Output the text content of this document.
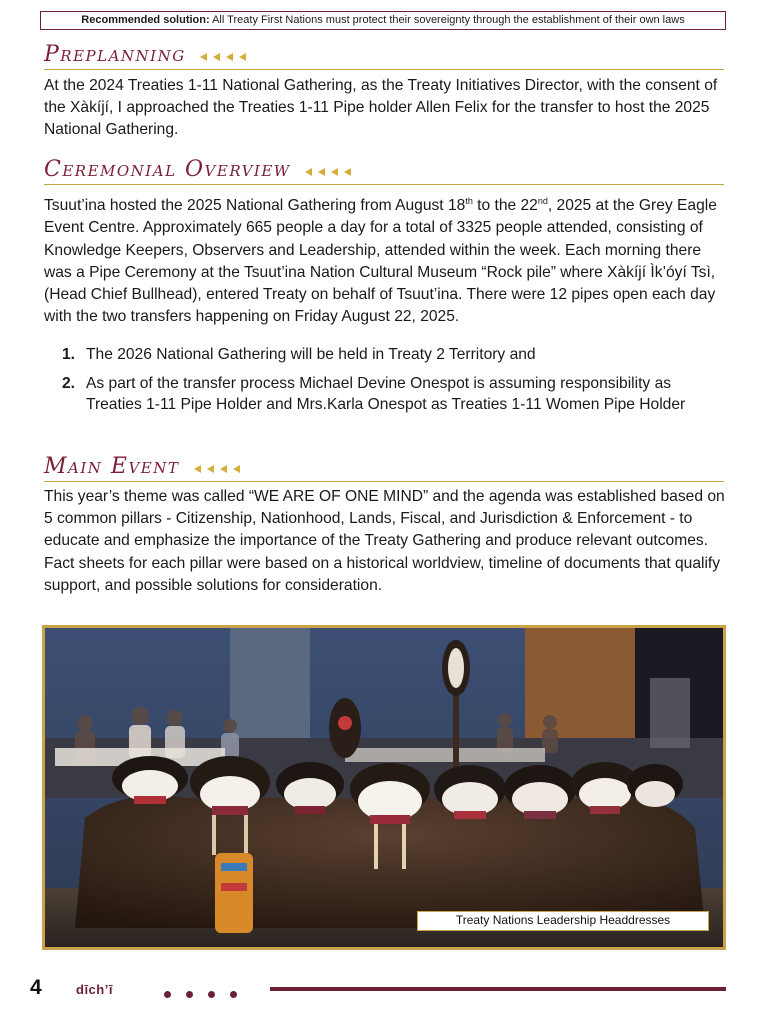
Recommended solution: All Treaty First Nations must protect their sovereignty through the establishment of their own laws
Preplanning
At the 2024 Treaties 1-11 National Gathering, as the Treaty Initiatives Director, with the consent of the Xàkíjí, I approached the Treaties 1-11 Pipe holder Allen Felix for the transfer to host the 2025 National Gathering.
Ceremonial Overview
Tsuut’ina hosted the 2025 National Gathering from August 18th to the 22nd, 2025 at the Grey Eagle Event Centre. Approximately 665 people a day for a total of 3325 people attended, consisting of Knowledge Keepers, Observers and Leadership, attended within the week. Each morning there was a Pipe Ceremony at the Tsuut’ina Nation Cultural Museum “Rock pile” where Xàkíjí Ìk’óyí Tsì, (Head Chief Bullhead), entered Treaty on behalf of Tsuut’ina. There were 12 pipes open each day with the two transfers happening on Friday August 22, 2025.
1. The 2026 National Gathering will be held in Treaty 2 Territory and
2. As part of the transfer process Michael Devine Onespot is assuming responsibility as Treaties 1-11 Pipe Holder and Mrs.Karla Onespot as Treaties 1-11 Women Pipe Holder
Main Event
This year’s theme was called “WE ARE OF ONE MIND” and the agenda was established based on 5 common pillars - Citizenship, Nationhood, Lands, Fiscal, and Jurisdiction & Enforcement - to educate and emphasize the importance of the Treaty Gathering and produce relevant outcomes. Fact sheets for each pillar were based on a historical worldview, timeline of documents that qualify support, and possible solutions for consideration.
Treaty Nations Leadership Headdresses
4	dīch’ī
